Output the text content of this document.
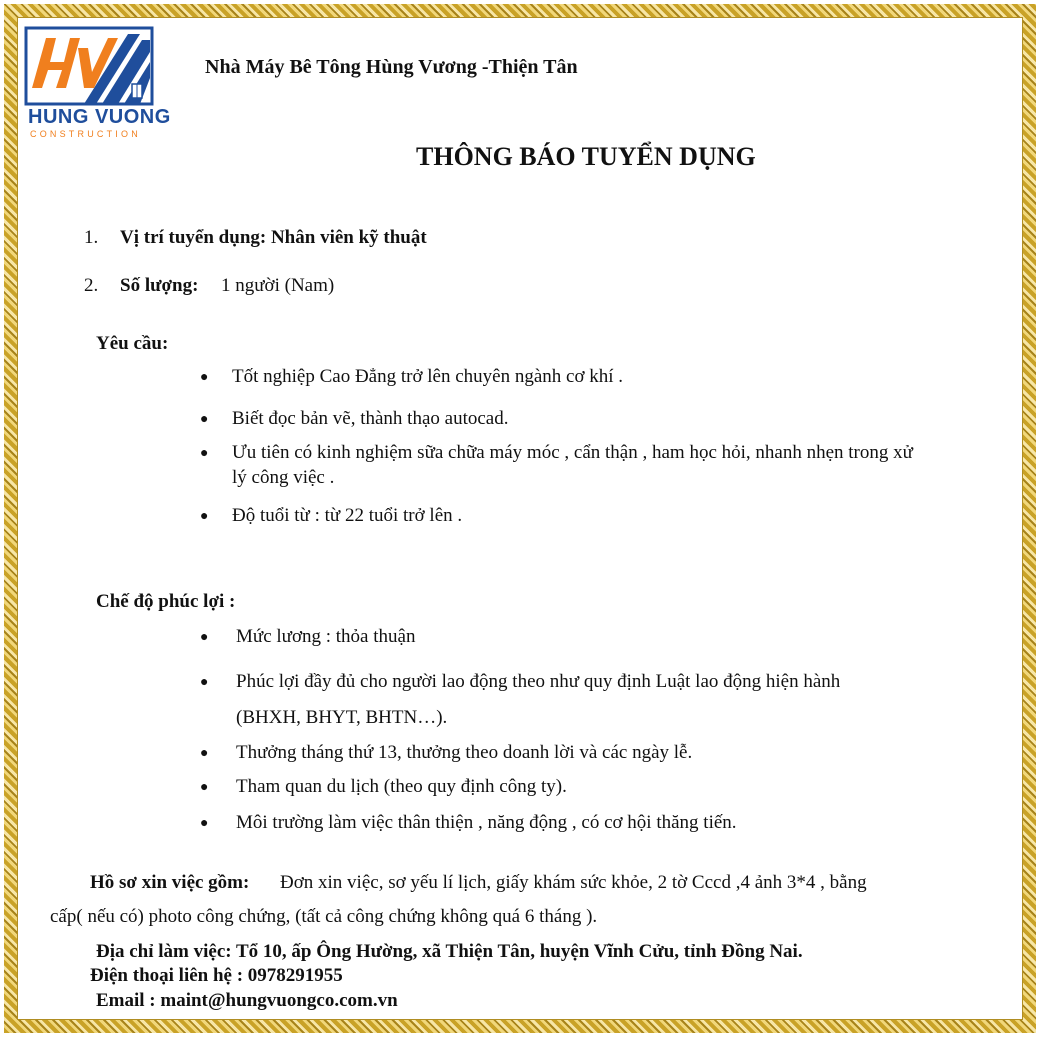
HUNG VUONG
CONSTRUCTION
Nhà Máy Bê Tông Hùng Vương -Thiện Tân
THÔNG BÁO TUYỂN DỤNG
1. Vị trí tuyển dụng: Nhân viên kỹ thuật
2. Số lượng: 1 người (Nam)
Yêu cầu:
● Tốt nghiệp Cao Đẳng trở lên chuyên ngành cơ khí .
● Biết đọc bản vẽ, thành thạo autocad.
● Ưu tiên có kinh nghiệm sữa chữa máy móc , cẩn thận , ham học hỏi, nhanh nhẹn trong xử
lý công việc .
● Độ tuổi từ : từ 22 tuổi trở lên .
Chế độ phúc lợi :
● Mức lương : thỏa thuận
● Phúc lợi đầy đủ cho người lao động theo như quy định Luật lao động hiện hành
(BHXH, BHYT, BHTN…).
● Thưởng tháng thứ 13, thưởng theo doanh lời và các ngày lễ.
● Tham quan du lịch (theo quy định công ty).
● Môi trường làm việc thân thiện , năng động , có cơ hội thăng tiến.
Hồ sơ xin việc gồm: Đơn xin việc, sơ yếu lí lịch, giấy khám sức khỏe, 2 tờ Cccd ,4 ảnh 3*4 , bằng
cấp( nếu có) photo công chứng, (tất cả công chứng không quá 6 tháng ).
Địa chỉ làm việc: Tổ 10, ấp Ông Hường, xã Thiện Tân, huyện Vĩnh Cửu, tỉnh Đồng Nai.
Điện thoại liên hệ : 0978291955
Email : maint@hungvuongco.com.vn
